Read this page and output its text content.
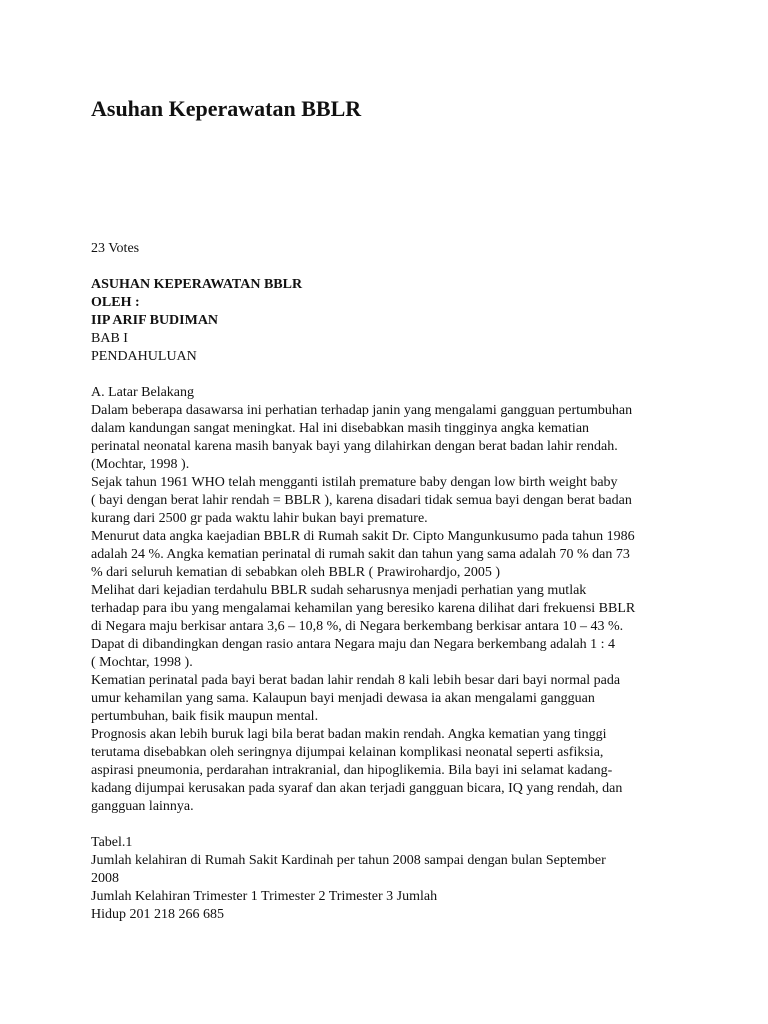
Asuhan Keperawatan BBLR
23 Votes
ASUHAN KEPERAWATAN BBLR
OLEH :
IIP ARIF BUDIMAN
BAB I
PENDAHULUAN
A. Latar Belakang
Dalam beberapa dasawarsa ini perhatian terhadap janin yang mengalami gangguan pertumbuhan
dalam kandungan sangat meningkat. Hal ini disebabkan masih tingginya angka kematian
perinatal neonatal karena masih banyak bayi yang dilahirkan dengan berat badan lahir rendah.
(Mochtar, 1998 ).
Sejak tahun 1961 WHO telah mengganti istilah premature baby dengan low birth weight baby
( bayi dengan berat lahir rendah = BBLR ), karena disadari tidak semua bayi dengan berat badan
kurang dari 2500 gr pada waktu lahir bukan bayi premature.
Menurut data angka kaejadian BBLR di Rumah sakit Dr. Cipto Mangunkusumo pada tahun 1986
adalah 24 %. Angka kematian perinatal di rumah sakit dan tahun yang sama adalah 70 % dan 73
% dari seluruh kematian di sebabkan oleh BBLR ( Prawirohardjo, 2005 )
Melihat dari kejadian terdahulu BBLR sudah seharusnya menjadi perhatian yang mutlak
terhadap para ibu yang mengalamai kehamilan yang beresiko karena dilihat dari frekuensi BBLR
di Negara maju berkisar antara 3,6 – 10,8 %, di Negara berkembang berkisar antara 10 – 43 %.
Dapat di dibandingkan dengan rasio antara Negara maju dan Negara berkembang adalah 1 : 4
( Mochtar, 1998 ).
Kematian perinatal pada bayi berat badan lahir rendah 8 kali lebih besar dari bayi normal pada
umur kehamilan yang sama. Kalaupun bayi menjadi dewasa ia akan mengalami gangguan
pertumbuhan, baik fisik maupun mental.
Prognosis akan lebih buruk lagi bila berat badan makin rendah. Angka kematian yang tinggi
terutama disebabkan oleh seringnya dijumpai kelainan komplikasi neonatal seperti asfiksia,
aspirasi pneumonia, perdarahan intrakranial, dan hipoglikemia. Bila bayi ini selamat kadang-
kadang dijumpai kerusakan pada syaraf dan akan terjadi gangguan bicara, IQ yang rendah, dan
gangguan lainnya.
Tabel.1
Jumlah kelahiran di Rumah Sakit Kardinah per tahun 2008 sampai dengan bulan September
2008
Jumlah Kelahiran Trimester 1 Trimester 2 Trimester 3 Jumlah
Hidup 201 218 266 685
